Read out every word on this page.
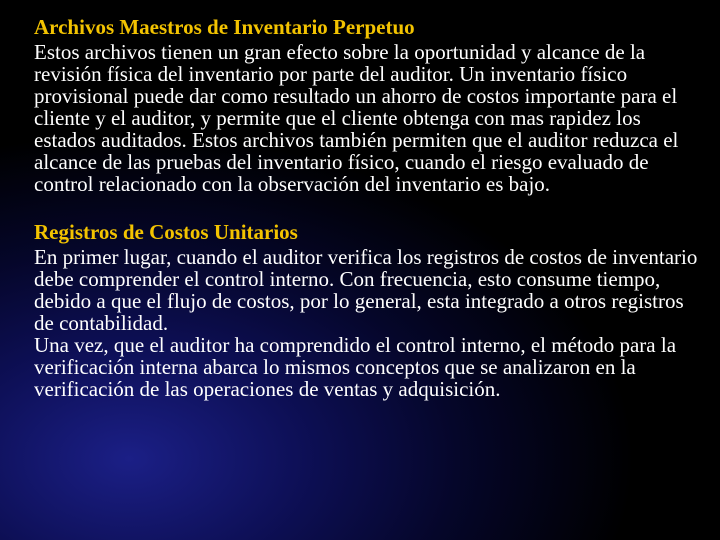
Archivos Maestros de Inventario Perpetuo

Estos archivos tienen un gran efecto sobre la oportunidad y alcance de la revisión física del inventario por parte del auditor. Un inventario físico provisional puede dar como resultado un ahorro de costos importante para el cliente y el auditor, y permite que el cliente obtenga con mas rapidez los estados auditados. Estos archivos también permiten que el auditor reduzca el alcance de las pruebas del inventario físico, cuando el riesgo evaluado de control relacionado con la observación del inventario es bajo.

Registros de Costos Unitarios

En primer lugar, cuando el auditor verifica los registros de costos de inventario debe comprender el control interno. Con frecuencia, esto consume tiempo, debido a que el flujo de costos, por lo general, esta integrado a otros registros de contabilidad.

Una vez, que el auditor ha comprendido el control interno, el método para la verificación interna abarca lo mismos conceptos que se analizaron en la verificación de las operaciones de ventas y adquisición.
